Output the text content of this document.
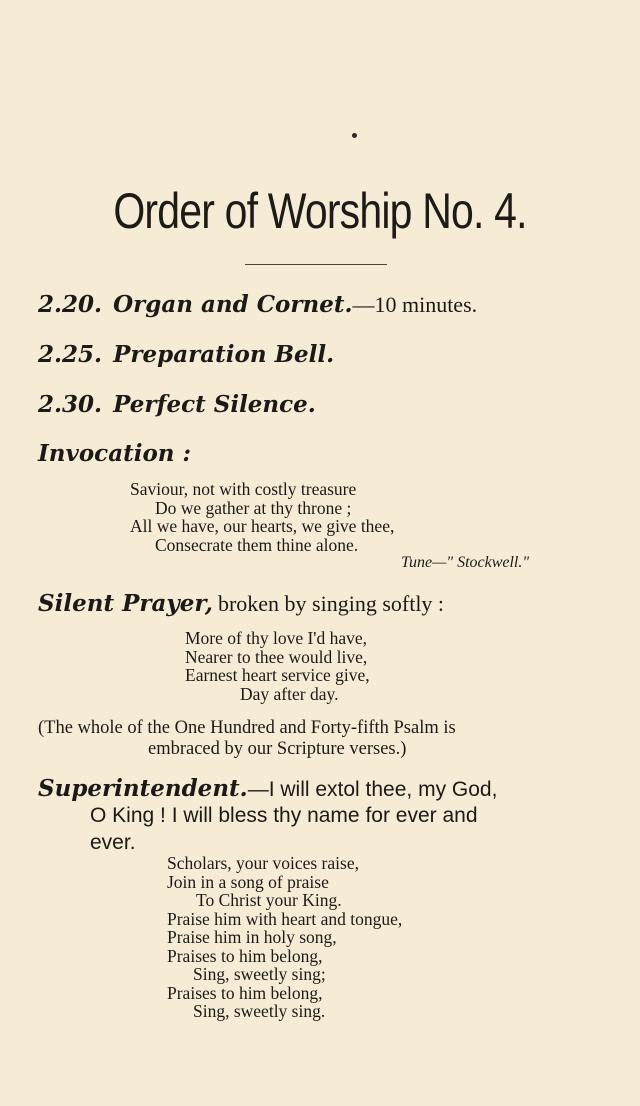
Order of Worship No. 4.
2.20. Organ and Cornet.—10 minutes.
2.25. Preparation Bell.
2.30. Perfect Silence.
Invocation :
Saviour, not with costly treasure
Do we gather at thy throne ;
All we have, our hearts, we give thee,
Consecrate them thine alone.
Tune—" Stockwell."
Silent Prayer, broken by singing softly :
More of thy love I'd have,
Nearer to thee would live,
Earnest heart service give,
Day after day.
(The whole of the One Hundred and Forty-fifth Psalm is
embraced by our Scripture verses.)
Superintendent.—I will extol thee, my God,
O King ! I will bless thy name for ever and
ever.
Scholars, your voices raise,
Join in a song of praise
To Christ your King.
Praise him with heart and tongue,
Praise him in holy song,
Praises to him belong,
Sing, sweetly sing;
Praises to him belong,
Sing, sweetly sing.
